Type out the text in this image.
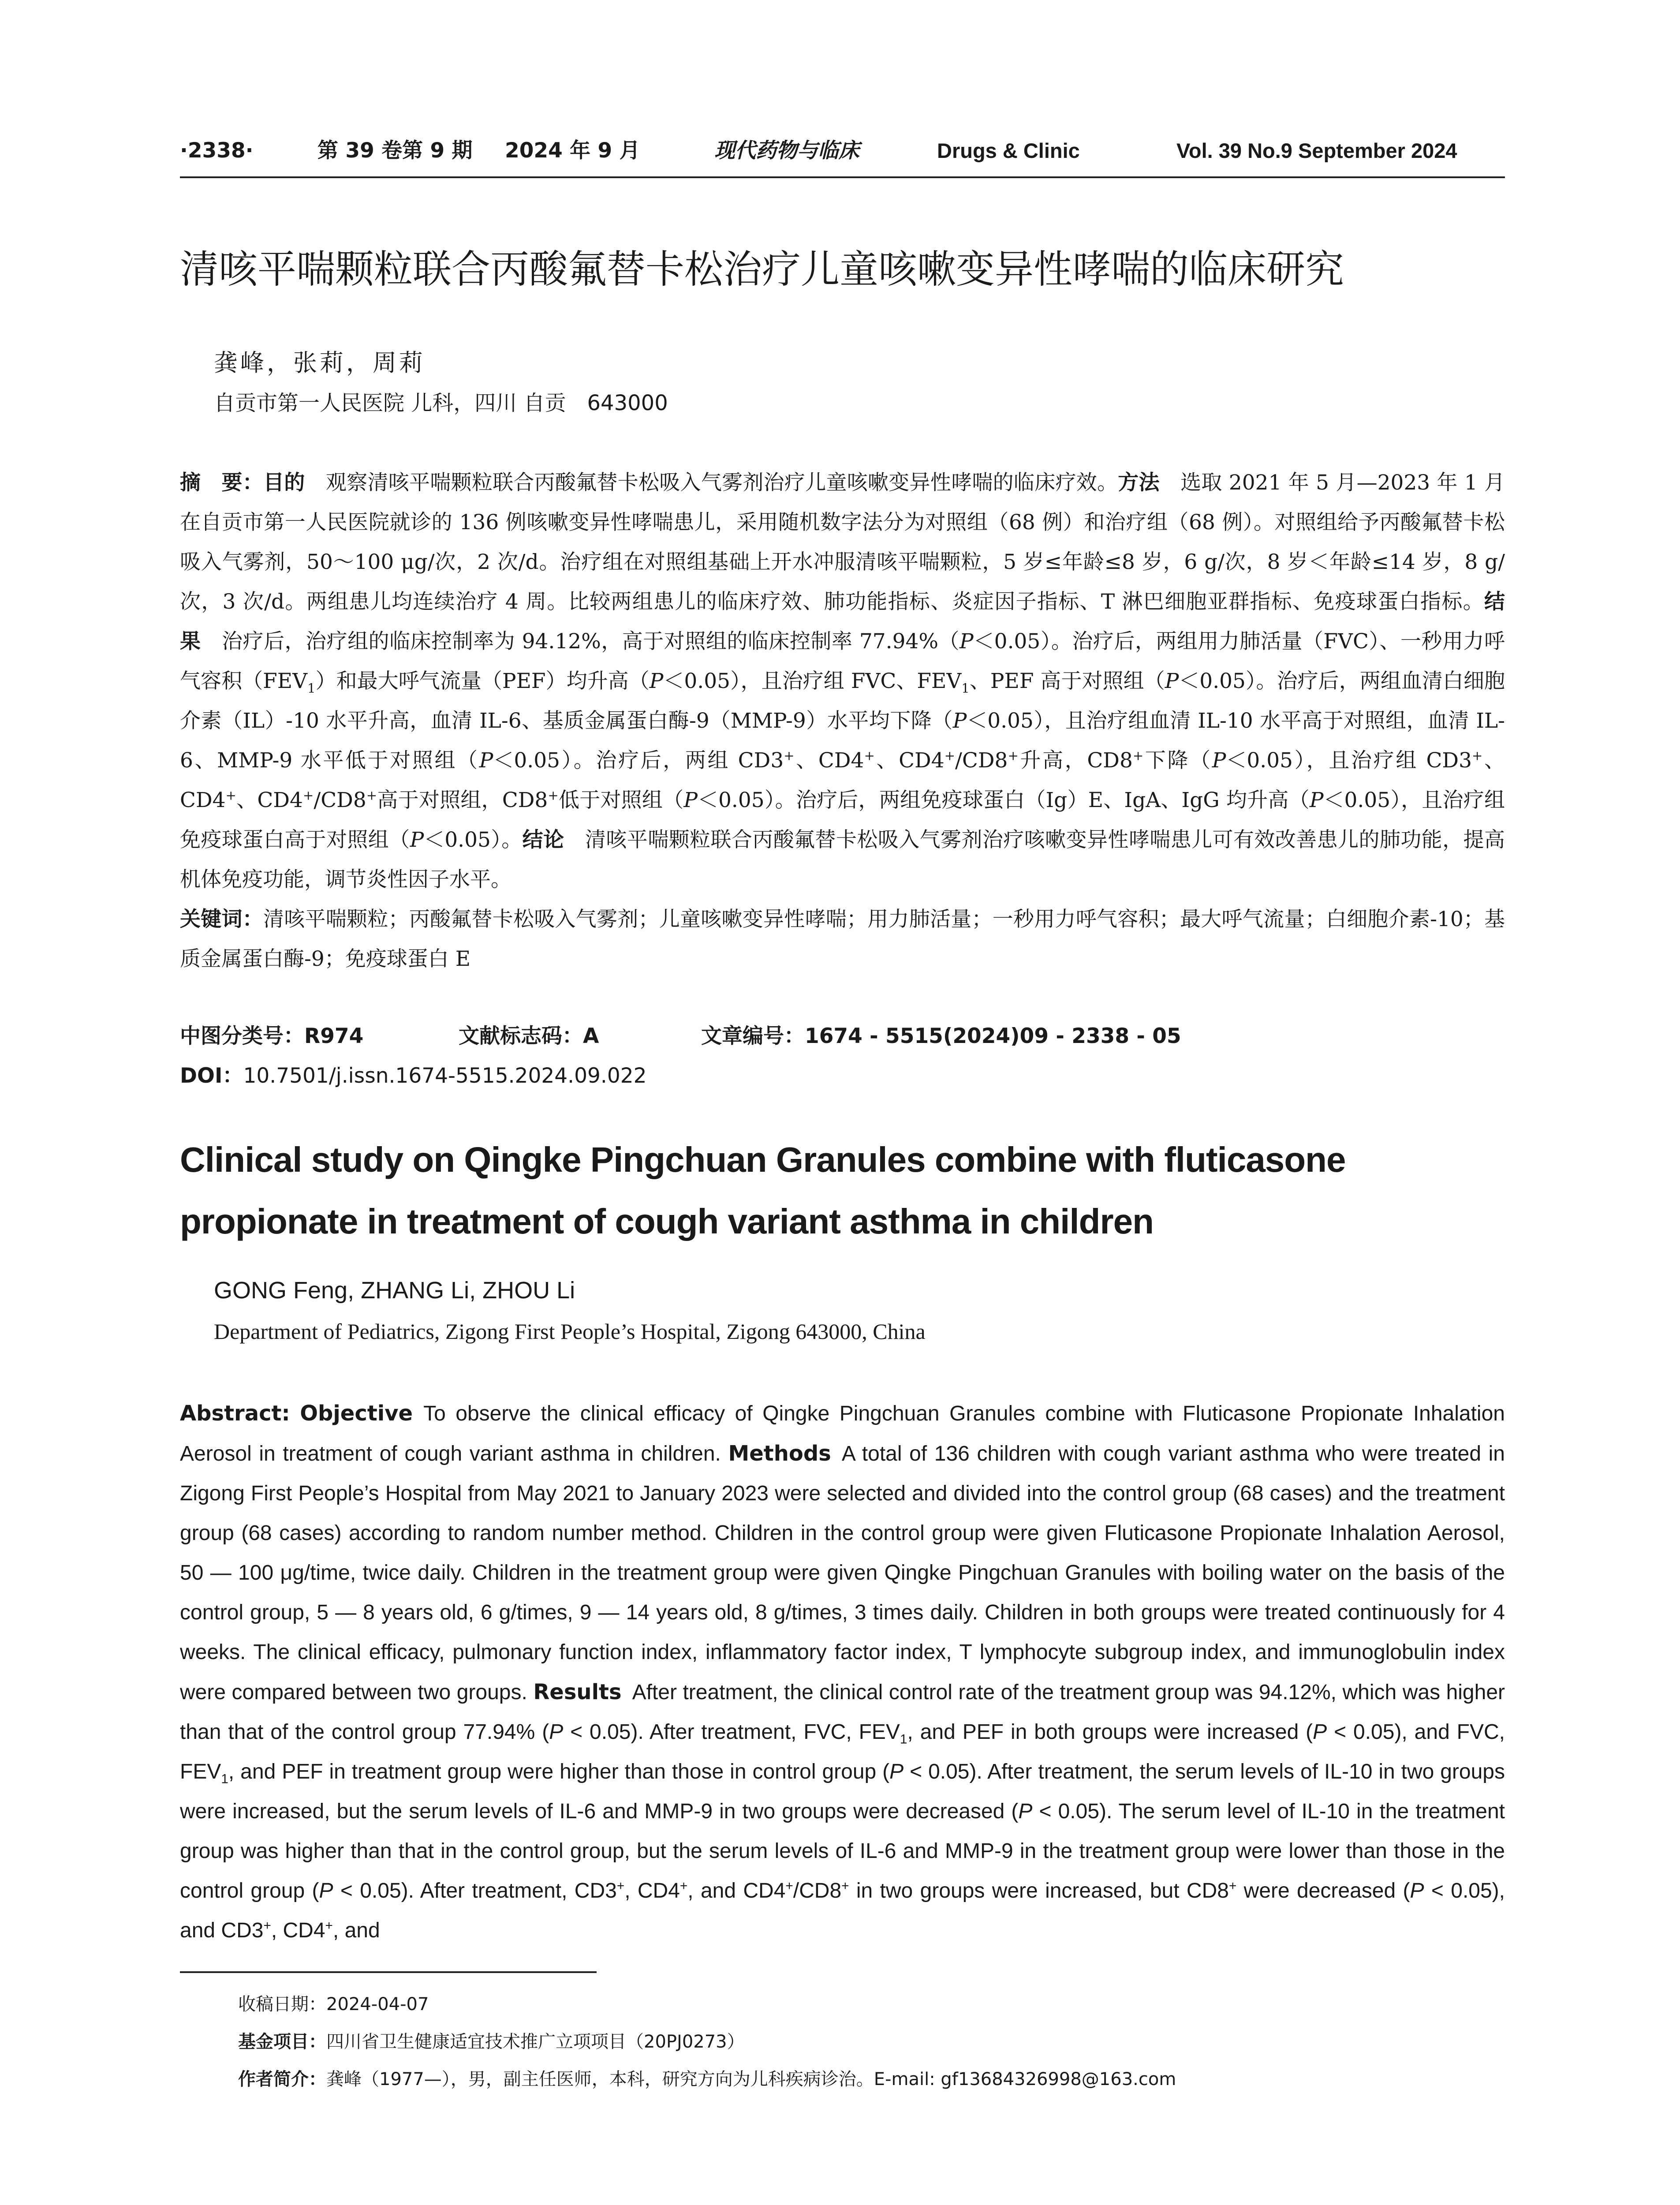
·2338·	第 39 卷第 9 期 2024 年 9 月	现代药物与临床	Drugs & Clinic	Vol. 39 No.9 September 2024
清咳平喘颗粒联合丙酸氟替卡松治疗儿童咳嗽变异性哮喘的临床研究
龚峰，张莉，周莉
自贡市第一人民医院 儿科，四川 自贡　643000
摘　要：目的  观察清咳平喘颗粒联合丙酸氟替卡松吸入气雾剂治疗儿童咳嗽变异性哮喘的临床疗效。方法  选取 2021 年 5 月—2023 年 1 月在自贡市第一人民医院就诊的 136 例咳嗽变异性哮喘患儿，采用随机数字法分为对照组（68 例）和治疗组（68 例）。对照组给予丙酸氟替卡松吸入气雾剂，50～100 μg/次，2 次/d。治疗组在对照组基础上开水冲服清咳平喘颗粒，5 岁≤年龄≤8 岁，6 g/次，8 岁＜年龄≤14 岁，8 g/次，3 次/d。两组患儿均连续治疗 4 周。比较两组患儿的临床疗效、肺功能指标、炎症因子指标、T 淋巴细胞亚群指标、免疫球蛋白指标。结果  治疗后，治疗组的临床控制率为 94.12%，高于对照组的临床控制率 77.94%（P＜0.05）。治疗后，两组用力肺活量（FVC）、一秒用力呼气容积$(FEV_1)$和最大呼气流量（PEF）均升高（P＜0.05），且治疗组 FVC、$FEV_1$、PEF 高于对照组（P＜0.05）。治疗后，两组血清白细胞介素（IL）-10 水平升高，血清 IL-6、基质金属蛋白酶-9（MMP-9）水平均下降（P＜0.05），且治疗组血清 IL-10 水平高于对照组，血清 IL-6、MMP-9 水平低于对照组（P＜0.05）。治疗后，两组 CD3+、CD4+、CD4+/CD8+升高，CD8+下降（P＜0.05），且治疗组 CD3+、CD4+、CD4+/CD8+高于对照组，CD8+低于对照组（P＜0.05）。治疗后，两组免疫球蛋白（Ig）E、IgA、IgG 均升高（P＜0.05），且治疗组免疫球蛋白高于对照组（P＜0.05）。结论  清咳平喘颗粒联合丙酸氟替卡松吸入气雾剂治疗咳嗽变异性哮喘患儿可有效改善患儿的肺功能，提高机体免疫功能，调节炎性因子水平。
关键词：清咳平喘颗粒；丙酸氟替卡松吸入气雾剂；儿童咳嗽变异性哮喘；用力肺活量；一秒用力呼气容积；最大呼气流量；白细胞介素-10；基质金属蛋白酶-9；免疫球蛋白 E
中图分类号：R974	文献标志码：A	文章编号：1674 - 5515(2024)09 - 2338 - 05
DOI：10.7501/j.issn.1674-5515.2024.09.022
Clinical study on Qingke Pingchuan Granules combine with fluticasone propionate in treatment of cough variant asthma in children
GONG Feng, ZHANG Li, ZHOU Li
Department of Pediatrics, Zigong First People’s Hospital, Zigong 643000, China
Abstract: Objective  To observe the clinical efficacy of Qingke Pingchuan Granules combine with Fluticasone Propionate Inhalation Aerosol in treatment of cough variant asthma in children. Methods  A total of 136 children with cough variant asthma who were treated in Zigong First People’s Hospital from May 2021 to January 2023 were selected and divided into the control group (68 cases) and the treatment group (68 cases) according to random number method. Children in the control group were given Fluticasone Propionate Inhalation Aerosol, 50 — 100 μg/time, twice daily. Children in the treatment group were given Qingke Pingchuan Granules with boiling water on the basis of the control group, 5 — 8 years old, 6 g/times, 9 — 14 years old, 8 g/times, 3 times daily. Children in both groups were treated continuously for 4 weeks. The clinical efficacy, pulmonary function index, inflammatory factor index, T lymphocyte subgroup index, and immunoglobulin index were compared between two groups. Results  After treatment, the clinical control rate of the treatment group was 94.12%, which was higher than that of the control group 77.94% (P < 0.05). After treatment, FVC, $FEV_1$, and PEF in both groups were increased (P < 0.05), and FVC, $FEV_1$, and PEF in treatment group were higher than those in control group (P < 0.05). After treatment, the serum levels of IL-10 in two groups were increased, but the serum levels of IL-6 and MMP-9 in two groups were decreased (P < 0.05). The serum level of IL-10 in the treatment group was higher than that in the control group, but the serum levels of IL-6 and MMP-9 in the treatment group were lower than those in the control group (P < 0.05). After treatment, CD3+, CD4+, and CD4+/CD8+ in two groups were increased, but CD8+ were decreased (P < 0.05), and CD3+, CD4+, and
收稿日期：2024-04-07
基金项目：四川省卫生健康适宜技术推广立项项目（20PJ0273）
作者简介：龚峰（1977—），男，副主任医师，本科，研究方向为儿科疾病诊治。E-mail: gf13684326998@163.com
